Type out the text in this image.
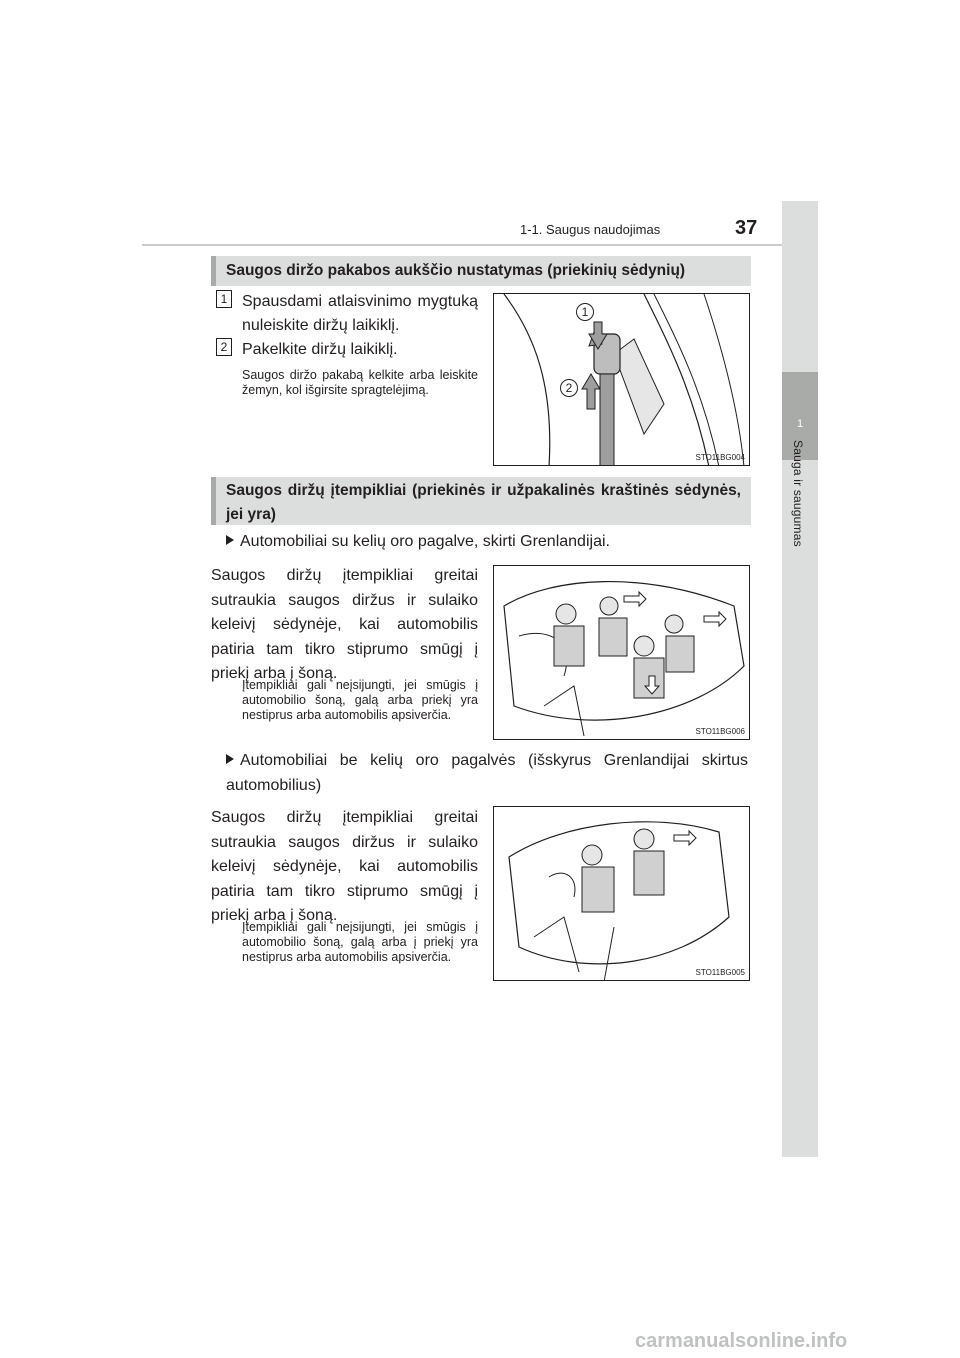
1
Sauga ir saugumas
1-1. Saugus naudojimas	37
Saugos diržo pakabos aukščio nustatymas (priekinių sėdynių)
1 Spausdami atlaisvinimo mygtuką nuleiskite diržų laikiklį.
2 Pakelkite diržų laikiklį.
Saugos diržo pakabą kelkite arba leiskite žemyn, kol išgirsite spragtelėjimą.
1
2
STO11BG004
Saugos diržų įtempikliai (priekinės ir užpakalinės kraštinės sėdynės, jei yra)
Automobiliai su kelių oro pagalve, skirti Grenlandijai.
Saugos diržų įtempikliai greitai sutraukia saugos diržus ir sulaiko keleivį sėdynėje, kai automobilis patiria tam tikro stiprumo smūgį į priekį arba į šoną.
Įtempikliai gali neįsijungti, jei smūgis į automobilio šoną, galą arba priekį yra nestiprus arba automobilis apsiverčia.
STO11BG006
Automobiliai be kelių oro pagalvės (išskyrus Grenlandijai skirtus automobilius)
Saugos diržų įtempikliai greitai sutraukia saugos diržus ir sulaiko keleivį sėdynėje, kai automobilis patiria tam tikro stiprumo smūgį į priekį arba į šoną.
Įtempikliai gali neįsijungti, jei smūgis į automobilio šoną, galą arba į priekį yra nestiprus arba automobilis apsiverčia.
STO11BG005
carmanualsonline.info
